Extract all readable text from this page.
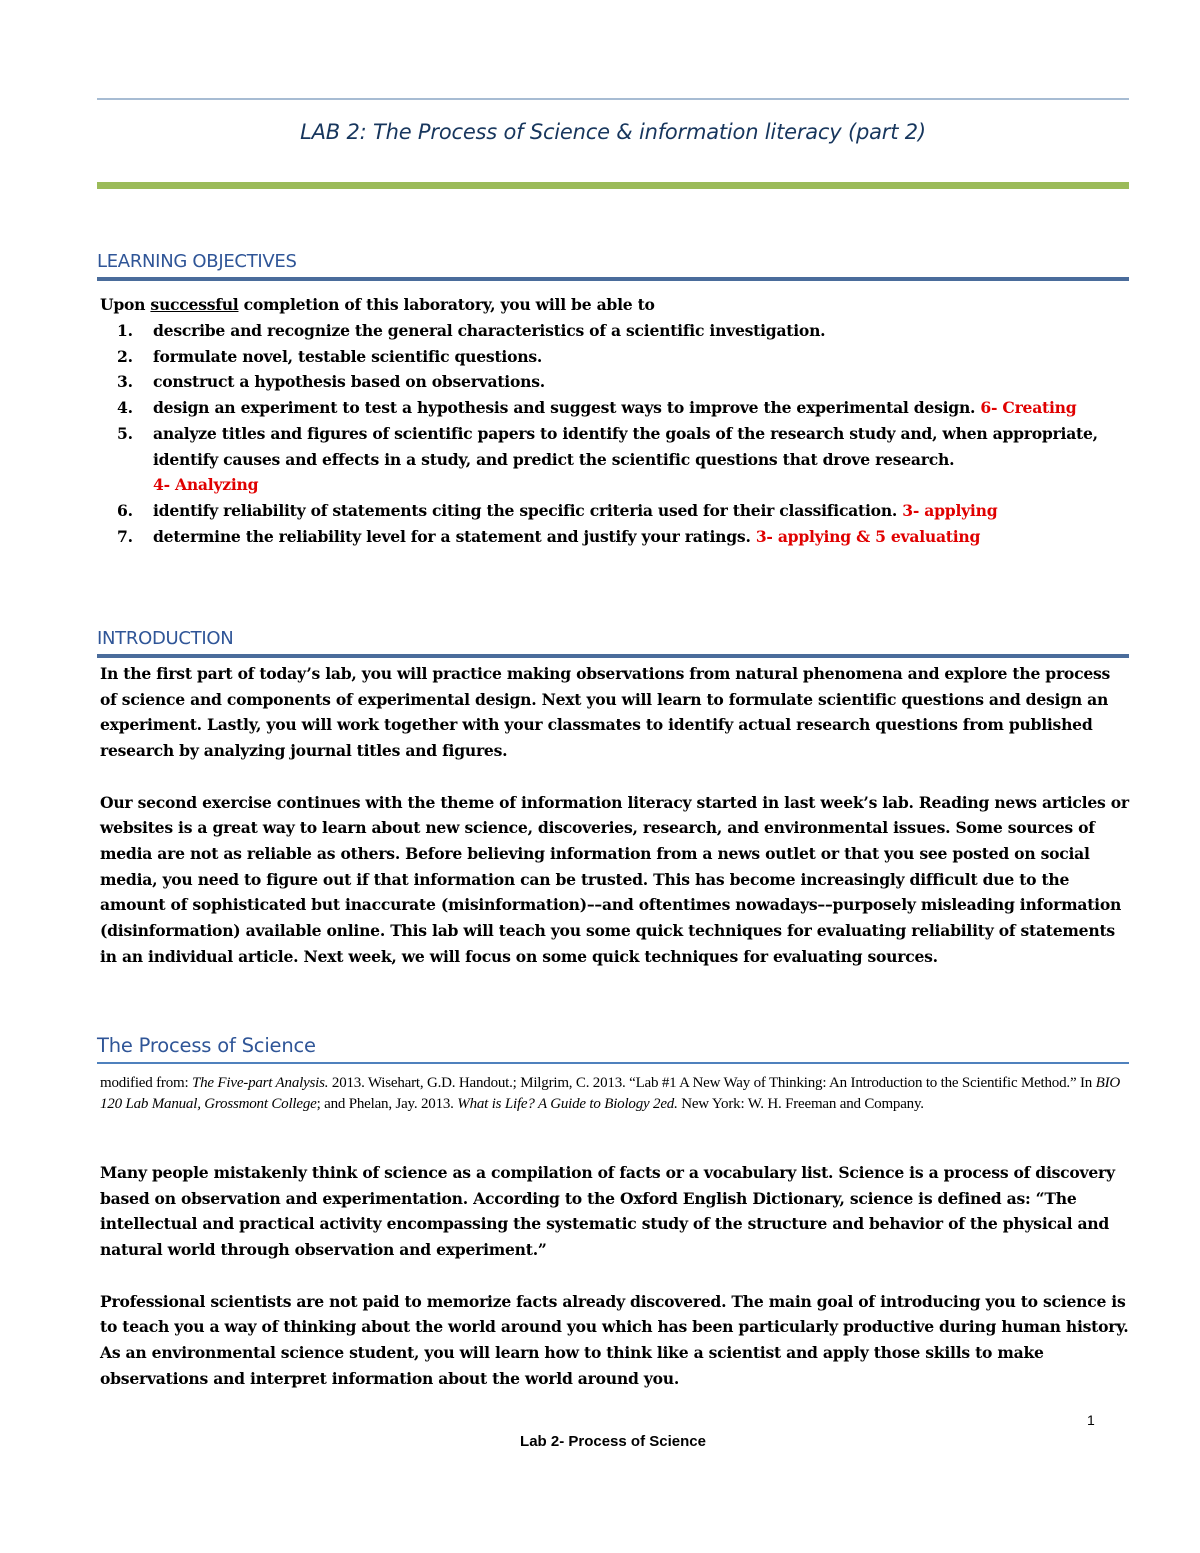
LAB 2: The Process of Science & information literacy (part 2)
LEARNING OBJECTIVES
Upon successful completion of this laboratory, you will be able to
1. describe and recognize the general characteristics of a scientific investigation.
2. formulate novel, testable scientific questions.
3. construct a hypothesis based on observations.
4. design an experiment to test a hypothesis and suggest ways to improve the experimental design. 6- Creating
5. analyze titles and figures of scientific papers to identify the goals of the research study and, when appropriate, identify causes and effects in a study, and predict the scientific questions that drove research.
4- Analyzing
6. identify reliability of statements citing the specific criteria used for their classification. 3- applying
7. determine the reliability level for a statement and justify your ratings. 3- applying & 5 evaluating
INTRODUCTION

In the first part of today’s lab, you will practice making observations from natural phenomena and explore the process of science and components of experimental design. Next you will learn to formulate scientific questions and design an experiment. Lastly, you will work together with your classmates to identify actual research questions from published research by analyzing journal titles and figures.

Our second exercise continues with the theme of information literacy started in last week’s lab. Reading news articles or websites is a great way to learn about new science, discoveries, research, and environmental issues. Some sources of media are not as reliable as others. Before believing information from a news outlet or that you see posted on social media, you need to figure out if that information can be trusted. This has become increasingly difficult due to the amount of sophisticated but inaccurate (misinformation)––and oftentimes nowadays––purposely misleading information (disinformation) available online. This lab will teach you some quick techniques for evaluating reliability of statements in an individual article. Next week, we will focus on some quick techniques for evaluating sources.

The Process of Science
modified from: The Five-part Analysis. 2013. Wisehart, G.D. Handout.; Milgrim, C. 2013. “Lab #1 A New Way of Thinking: An Introduction to the Scientific Method.” In BIO 120 Lab Manual, Grossmont College; and Phelan, Jay. 2013. What is Life? A Guide to Biology 2ed. New York: W. H. Freeman and Company.

Many people mistakenly think of science as a compilation of facts or a vocabulary list. Science is a process of discovery based on observation and experimentation. According to the Oxford English Dictionary, science is defined as: “The intellectual and practical activity encompassing the systematic study of the structure and behavior of the physical and natural world through observation and experiment.”

Professional scientists are not paid to memorize facts already discovered. The main goal of introducing you to science is to teach you a way of thinking about the world around you which has been particularly productive during human history. As an environmental science student, you will learn how to think like a scientist and apply those skills to make observations and interpret information about the world around you.

1
Lab 2- Process of Science
